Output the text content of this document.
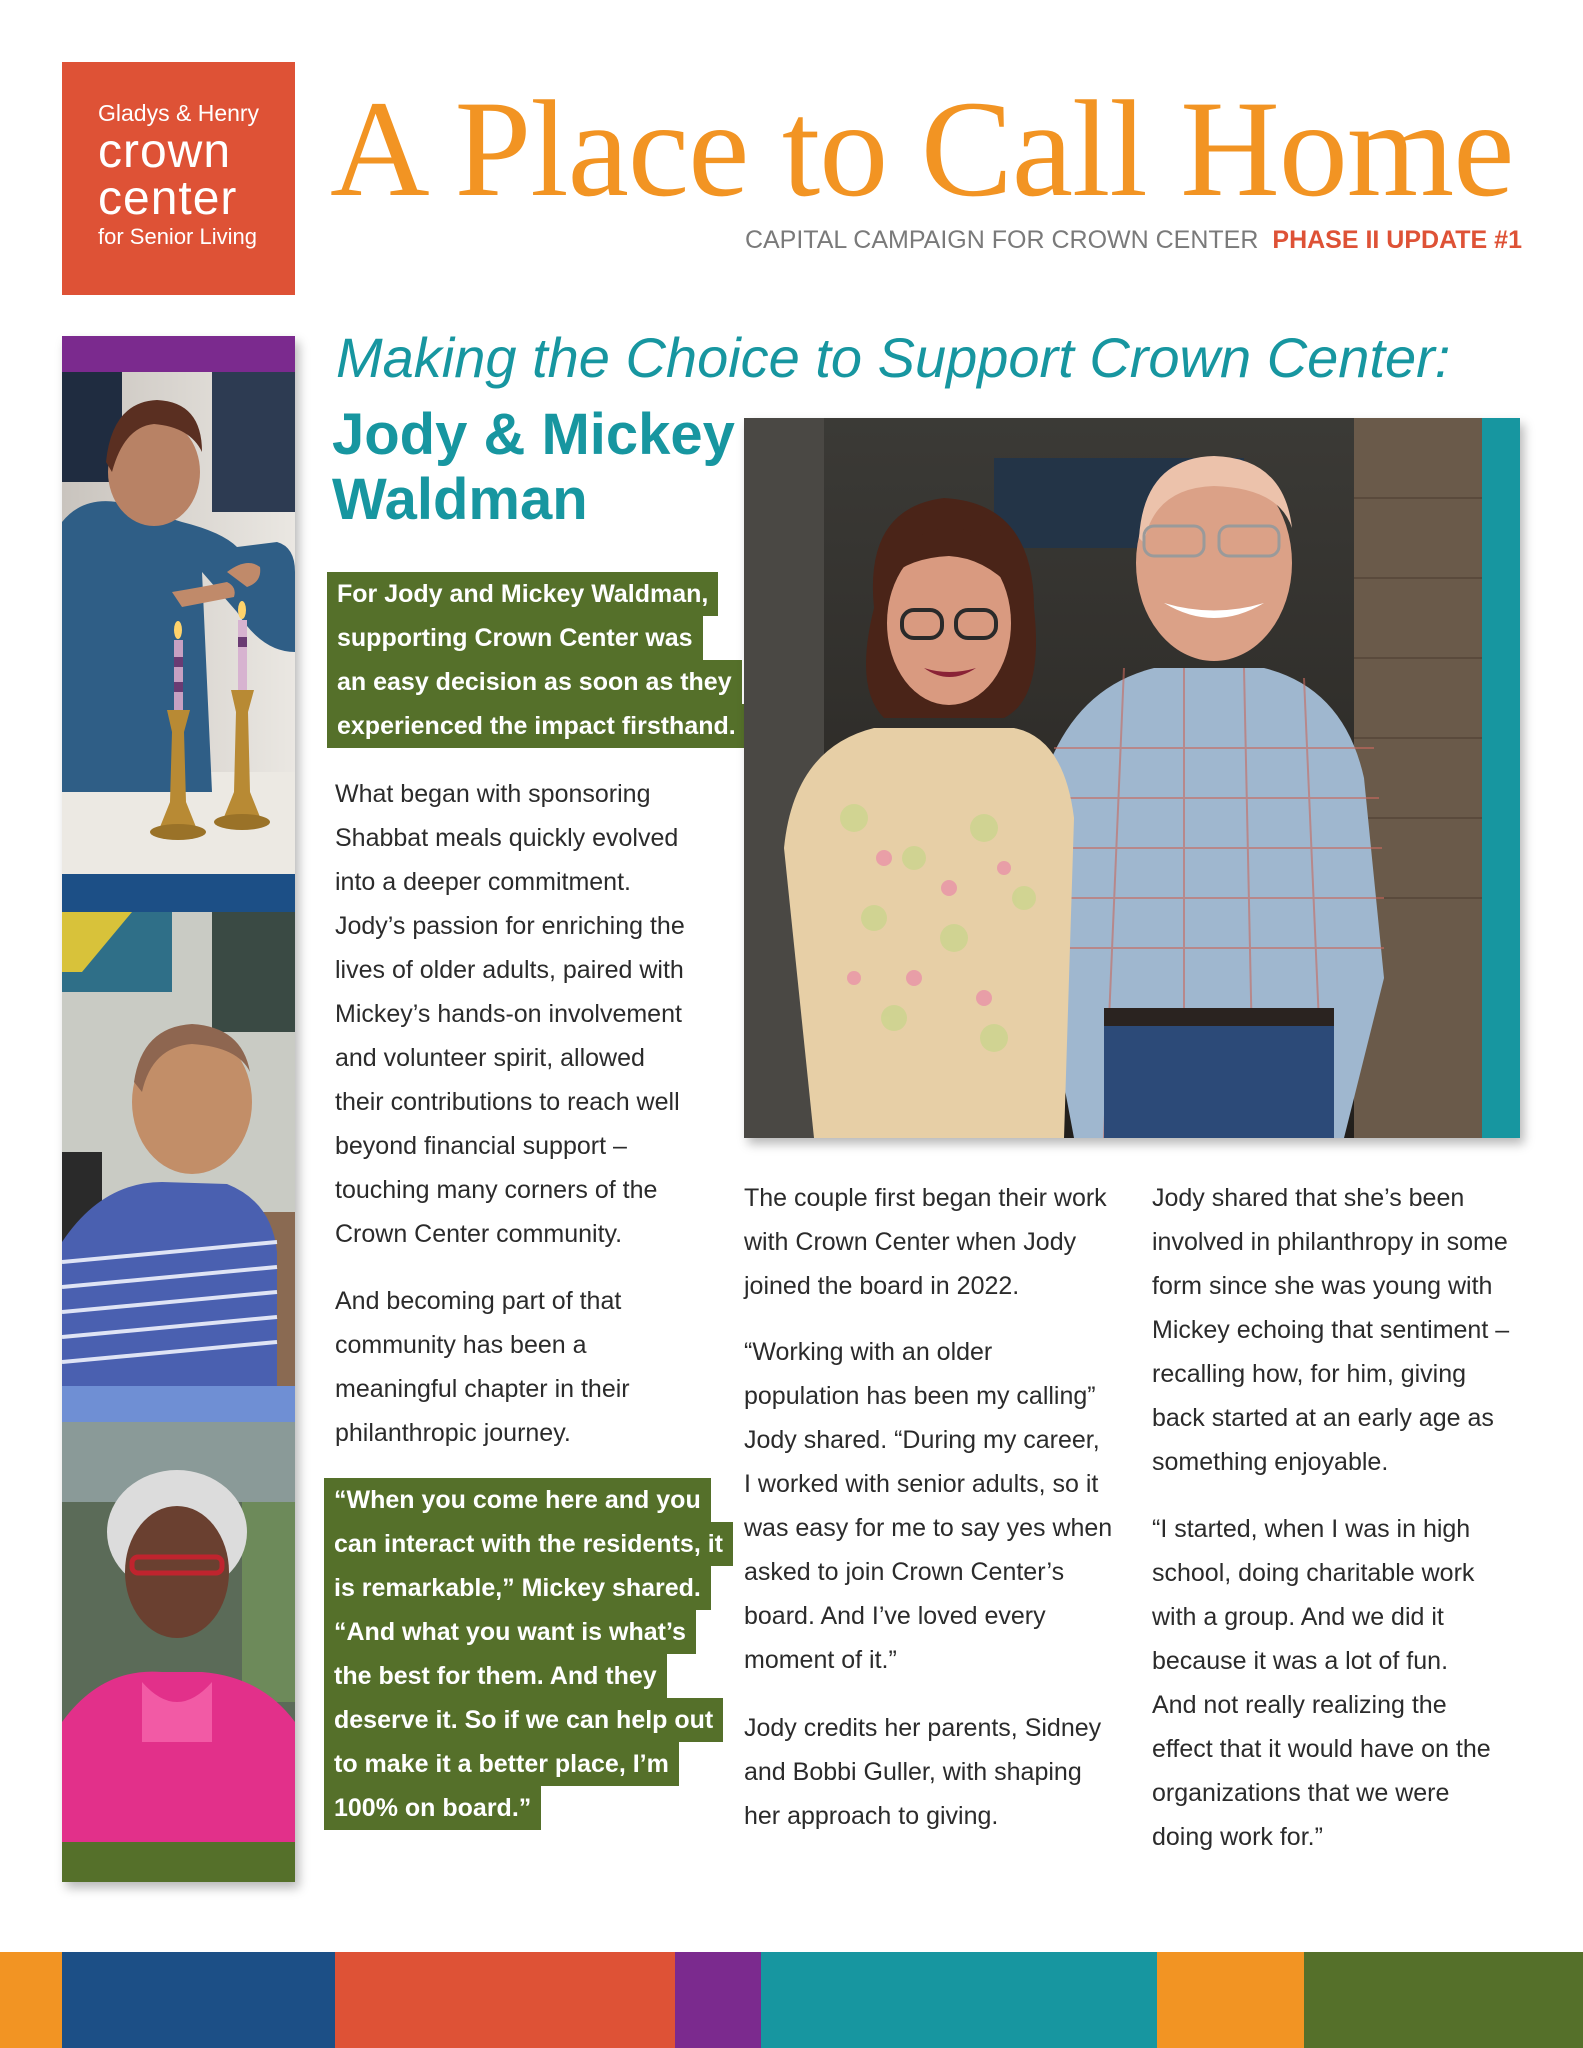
Gladys & Henry
crown
center
for Senior Living
A Place to Call Home
CAPITAL CAMPAIGN FOR CROWN CENTER PHASE II UPDATE #1
Making the Choice to Support Crown Center:
Jody & Mickey
Waldman
For Jody and Mickey Waldman,
supporting Crown Center was
an easy decision as soon as they
experienced the impact firsthand.

What began with sponsoring

Shabbat meals quickly evolved

into a deeper commitment.

Jody’s passion for enriching the

lives of older adults, paired with

Mickey’s hands-on involvement

and volunteer spirit, allowed

their contributions to reach well

beyond financial support –

touching many corners of the

Crown Center community.

And becoming part of that

community has been a

meaningful chapter in their

philanthropic journey.

“When you come here and you
can interact with the residents, it
is remarkable,” Mickey shared.
“And what you want is what’s
the best for them. And they
deserve it. So if we can help out
to make it a better place, I’m
100% on board.”

The couple first began their work

with Crown Center when Jody

joined the board in 2022.

“Working with an older

population has been my calling”

Jody shared. “During my career,

I worked with senior adults, so it

was easy for me to say yes when

asked to join Crown Center’s

board. And I’ve loved every

moment of it.”

Jody credits her parents, Sidney

and Bobbi Guller, with shaping

her approach to giving.

Jody shared that she’s been

involved in philanthropy in some

form since she was young with

Mickey echoing that sentiment –

recalling how, for him, giving

back started at an early age as

something enjoyable.

“I started, when I was in high

school, doing charitable work

with a group. And we did it

because it was a lot of fun.

And not really realizing the

effect that it would have on the

organizations that we were

doing work for.”
